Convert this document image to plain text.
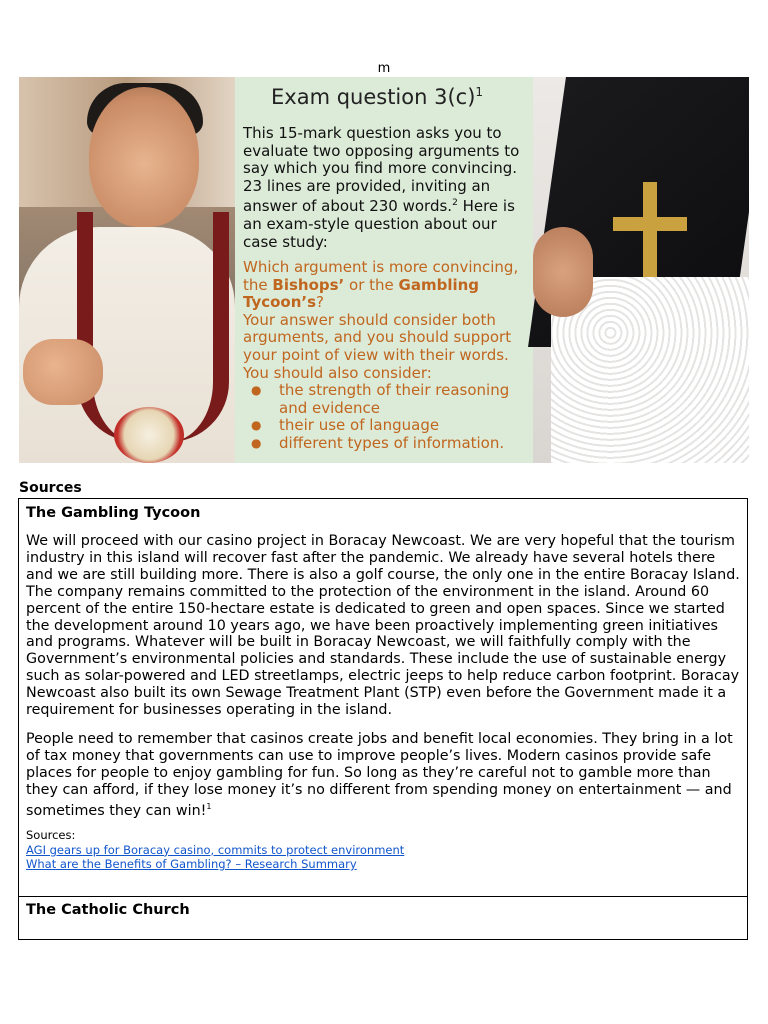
m
Exam question $3(c)^1$

This 15-mark question asks you to evaluate two opposing arguments to say which you find more convincing. 23 lines are provided, inviting an answer of about 230 words.$^2$ Here is an exam-style question about our case study:

Which argument is more convincing, the Bishops’ or the Gambling Tycoon’s?
Your answer should consider both arguments, and you should support your point of view with their words.
You should also consider:
● the strength of their reasoning and evidence
● their use of language
● different types of information.
Sources
The Gambling Tycoon

We will proceed with our casino project in Boracay Newcoast. We are very hopeful that the tourism industry in this island will recover fast after the pandemic. We already have several hotels there and we are still building more. There is also a golf course, the only one in the entire Boracay Island. The company remains committed to the protection of the environment in the island. Around 60 percent of the entire 150-hectare estate is dedicated to green and open spaces. Since we started the development around 10 years ago, we have been proactively implementing green initiatives and programs. Whatever will be built in Boracay Newcoast, we will faithfully comply with the Government’s environmental policies and standards. These include the use of sustainable energy such as solar-powered and LED streetlamps, electric jeeps to help reduce carbon footprint. Boracay Newcoast also built its own Sewage Treatment Plant (STP) even before the Government made it a requirement for businesses operating in the island.

People need to remember that casinos create jobs and benefit local economies. They bring in a lot of tax money that governments can use to improve people’s lives. Modern casinos provide safe places for people to enjoy gambling for fun. So long as they’re careful not to gamble more than they can afford, if they lose money it’s no different from spending money on entertainment — and sometimes they can win!$^1$

Sources:
AGI gears up for Boracay casino, commits to protect environment
What are the Benefits of Gambling? – Research Summary
The Catholic Church
